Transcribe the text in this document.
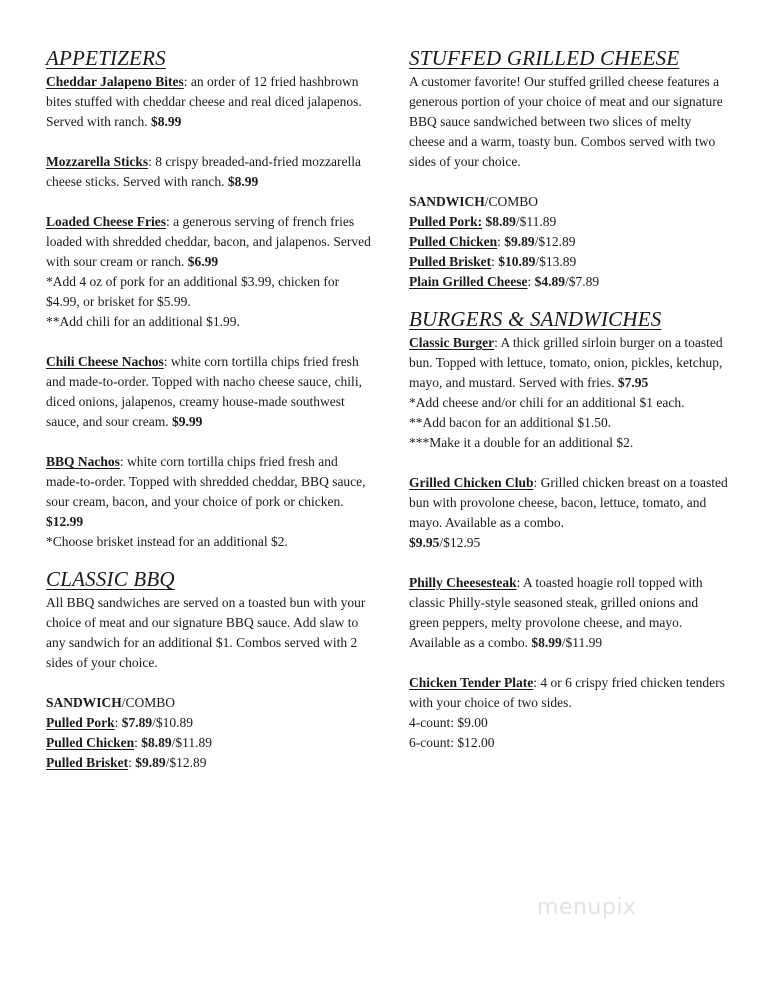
APPETIZERS

Cheddar Jalapeno Bites: an order of 12 fried hashbrown bites stuffed with cheddar cheese and real diced jalapenos. Served with ranch. $8.99

Mozzarella Sticks: 8 crispy breaded-and-fried mozzarella cheese sticks. Served with ranch. $8.99

Loaded Cheese Fries: a generous serving of french fries loaded with shredded cheddar, bacon, and jalapenos. Served with sour cream or ranch. $6.99

*Add 4 oz of pork for an additional $3.99, chicken for $4.99, or brisket for $5.99.

**Add chili for an additional $1.99.

Chili Cheese Nachos: white corn tortilla chips fried fresh and made-to-order. Topped with nacho cheese sauce, chili, diced onions, jalapenos, creamy house-made southwest sauce, and sour cream. $9.99

BBQ Nachos: white corn tortilla chips fried fresh and made-to-order. Topped with shredded cheddar, BBQ sauce, sour cream, bacon, and your choice of pork or chicken. $12.99

*Choose brisket instead for an additional $2.

CLASSIC BBQ

All BBQ sandwiches are served on a toasted bun with your choice of meat and our signature BBQ sauce. Add slaw to any sandwich for an additional $1. Combos served with 2 sides of your choice.

SANDWICH/COMBO

Pulled Pork: $7.89/$10.89

Pulled Chicken: $8.89/$11.89

Pulled Brisket: $9.89/$12.89

STUFFED GRILLED CHEESE

A customer favorite! Our stuffed grilled cheese features a generous portion of your choice of meat and our signature BBQ sauce sandwiched between two slices of melty cheese and a warm, toasty bun. Combos served with two sides of your choice.

SANDWICH/COMBO

Pulled Pork: $8.89/$11.89

Pulled Chicken: $9.89/$12.89

Pulled Brisket: $10.89/$13.89

Plain Grilled Cheese: $4.89/$7.89

BURGERS & SANDWICHES

Classic Burger: A thick grilled sirloin burger on a toasted bun. Topped with lettuce, tomato, onion, pickles, ketchup, mayo, and mustard. Served with fries. $7.95

*Add cheese and/or chili for an additional $1 each.

**Add bacon for an additional $1.50.

***Make it a double for an additional $2.

Grilled Chicken Club: Grilled chicken breast on a toasted bun with provolone cheese, bacon, lettuce, tomato, and mayo. Available as a combo.

$9.95/$12.95

Philly Cheesesteak: A toasted hoagie roll topped with classic Philly-style seasoned steak, grilled onions and green peppers, melty provolone cheese, and mayo. Available as a combo. $8.99/$11.99

Chicken Tender Plate: 4 or 6 crispy fried chicken tenders with your choice of two sides.

4-count: $9.00

6-count: $12.00

menupix
